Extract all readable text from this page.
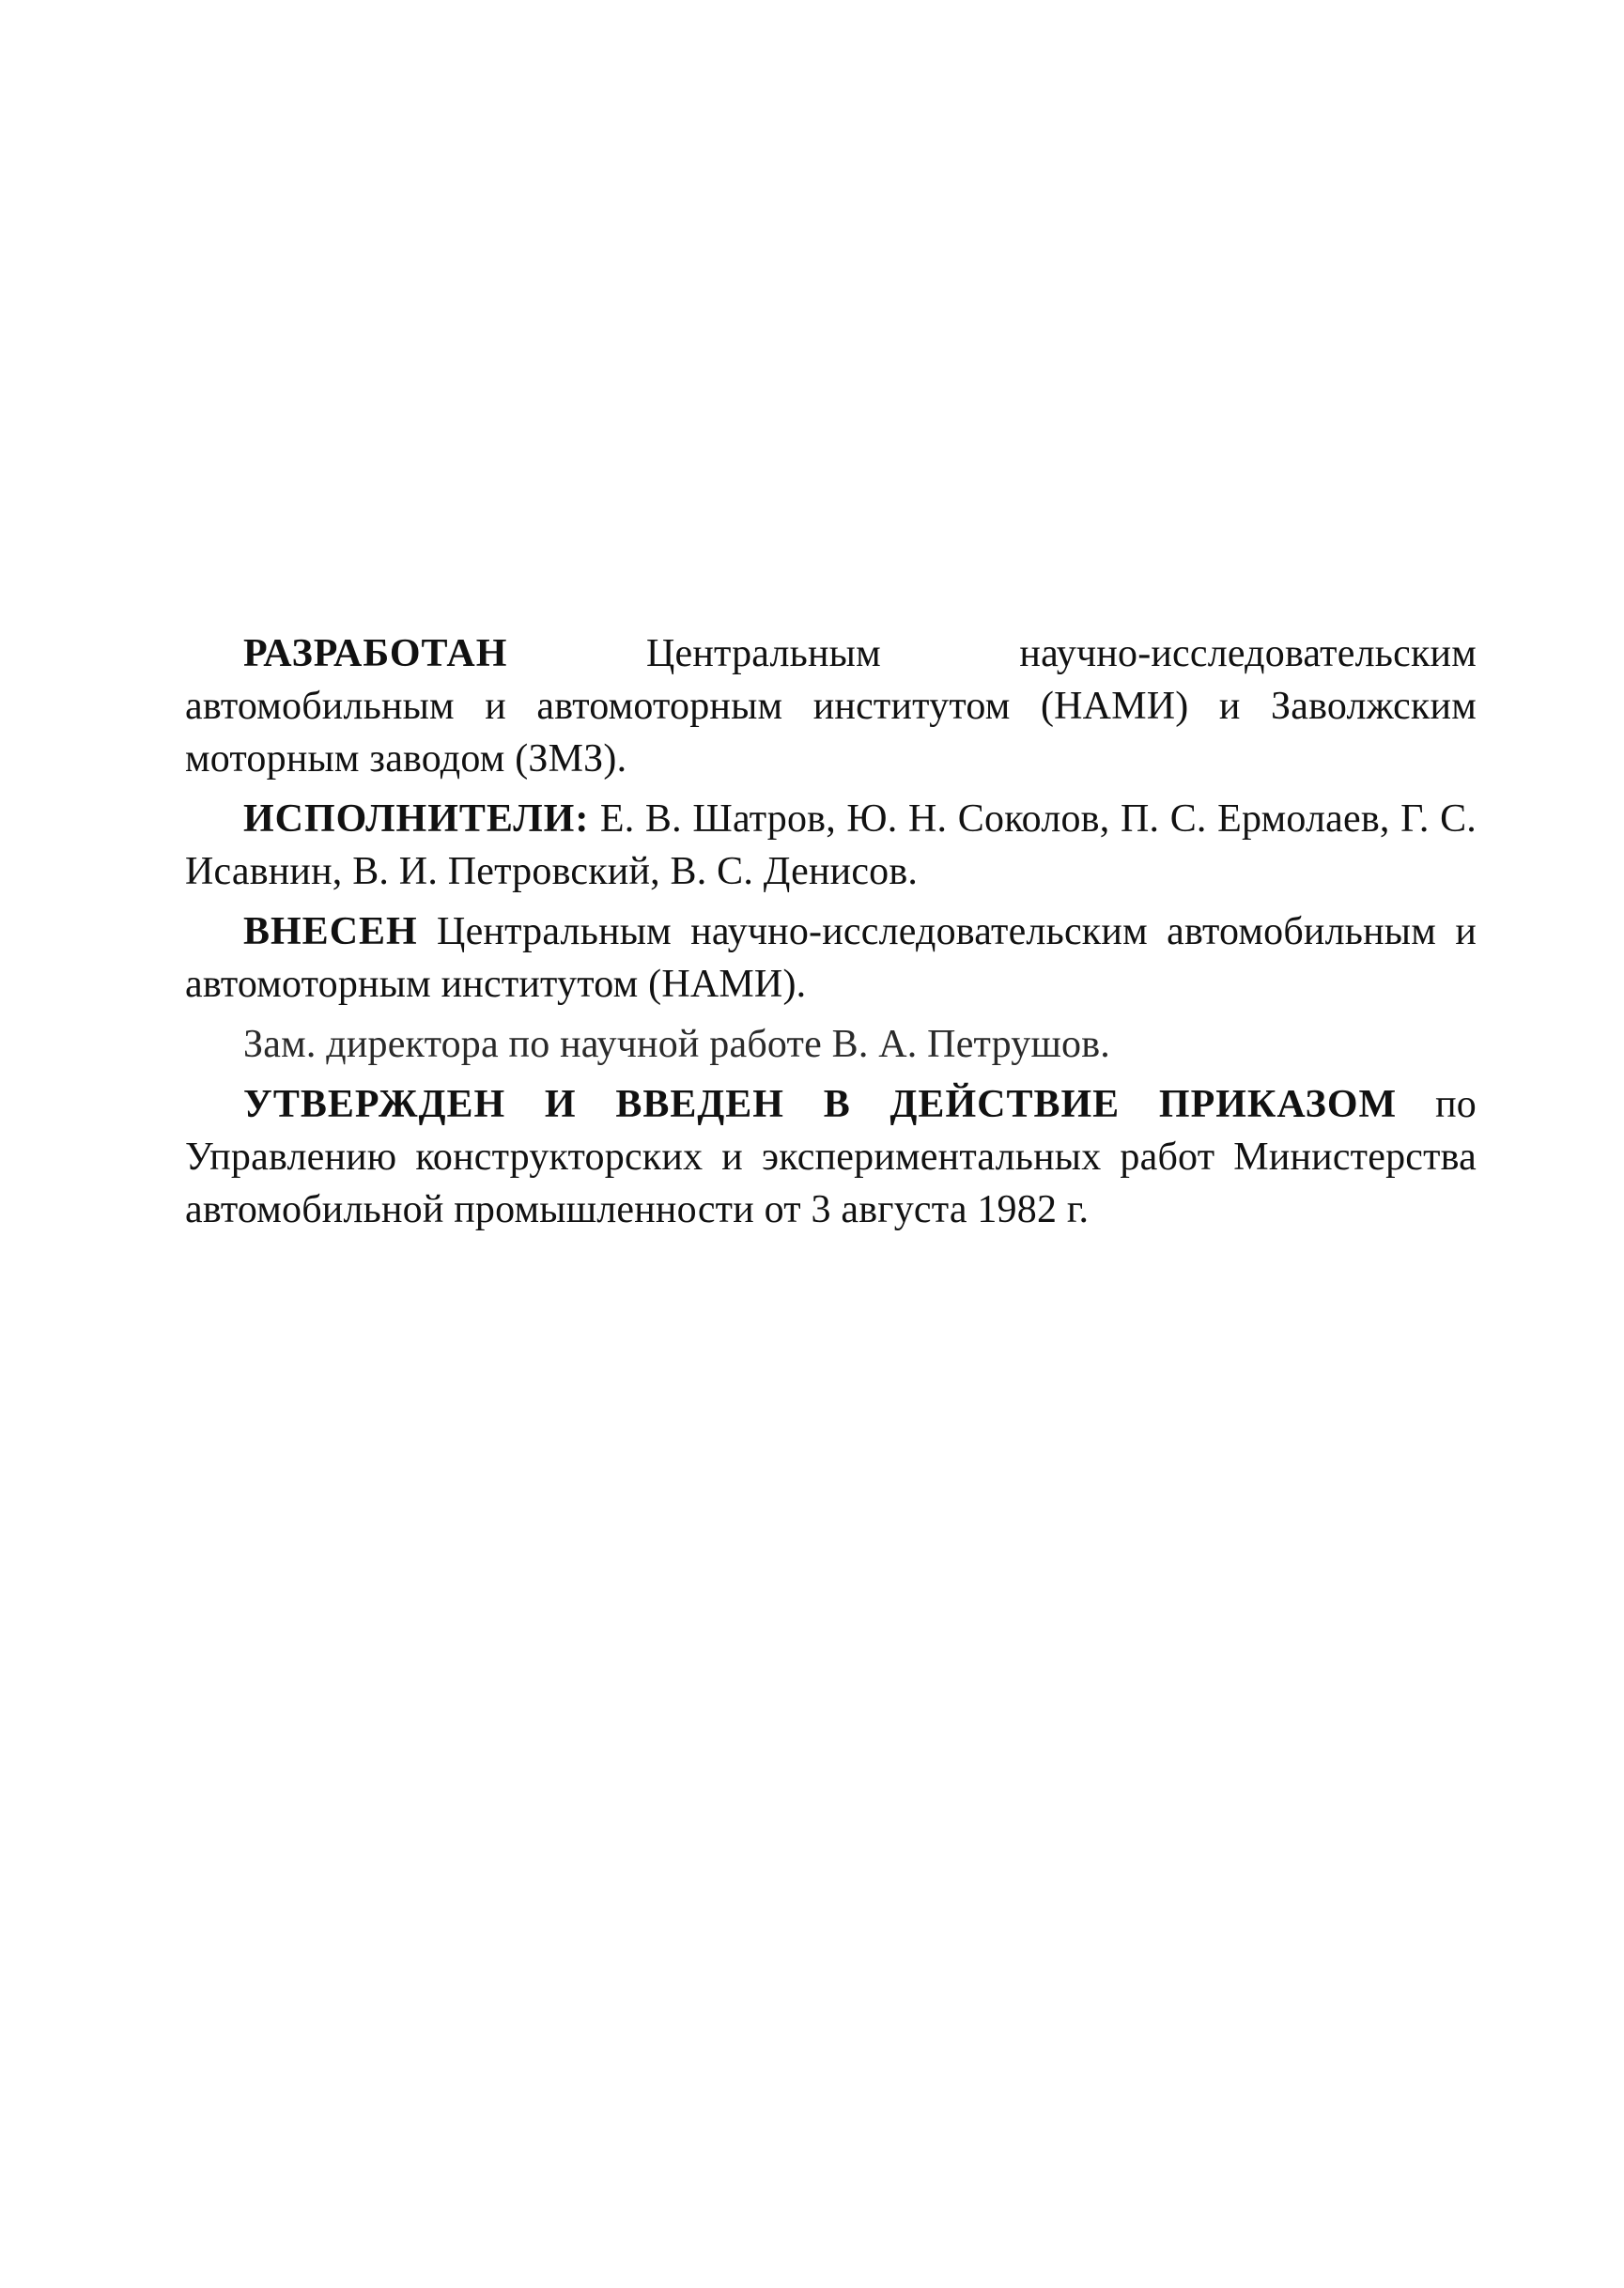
РАЗРАБОТАН Центральным научно-исследовательским автомобильным и автомоторным институтом (НАМИ) и Заволжским моторным заводом (ЗМЗ).

ИСПОЛНИТЕЛИ: Е. В. Шатров, Ю. Н. Соколов, П. С. Ермолаев, Г. С. Исавнин, В. И. Петровский, В. С. Денисов.

ВНЕСЕН Центральным научно-исследовательским автомобильным и автомоторным институтом (НАМИ).

Зам. директора по научной работе В. А. Петрушов.

УТВЕРЖДЕН И ВВЕДЕН В ДЕЙСТВИЕ ПРИКАЗОМ по Управлению конструкторских и экспериментальных работ Министерства автомобильной промышленности от 3 августа 1982 г.
